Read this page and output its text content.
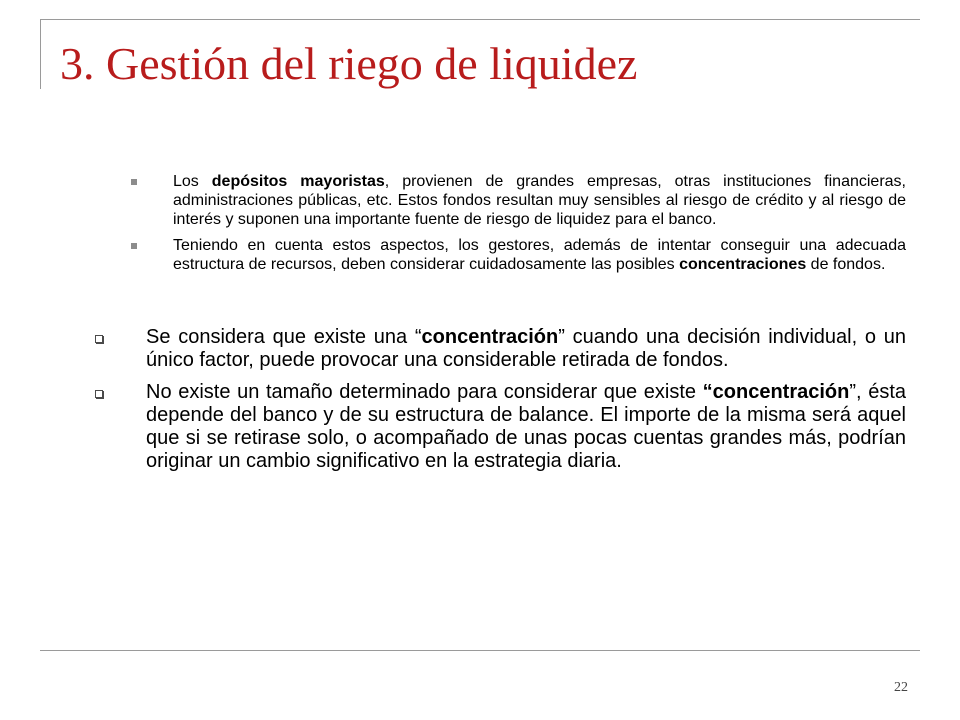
3. Gestión del riego de liquidez
Los depósitos mayoristas, provienen de grandes empresas, otras instituciones financieras, administraciones públicas, etc. Estos fondos resultan muy sensibles al riesgo de crédito y al riesgo de interés y suponen una importante fuente de riesgo de liquidez para el banco.
Teniendo en cuenta estos aspectos, los gestores, además de intentar conseguir una adecuada estructura de recursos, deben considerar cuidadosamente las posibles concentraciones de fondos.
Se considera que existe una “concentración” cuando una decisión individual, o un único factor, puede provocar una considerable retirada de fondos.
No existe un tamaño determinado para considerar que existe “concentración”, ésta depende del banco y de su estructura de balance. El importe de la misma será aquel que si se retirase solo, o acompañado de unas pocas cuentas grandes más, podrían originar un cambio significativo en la estrategia diaria.
22
